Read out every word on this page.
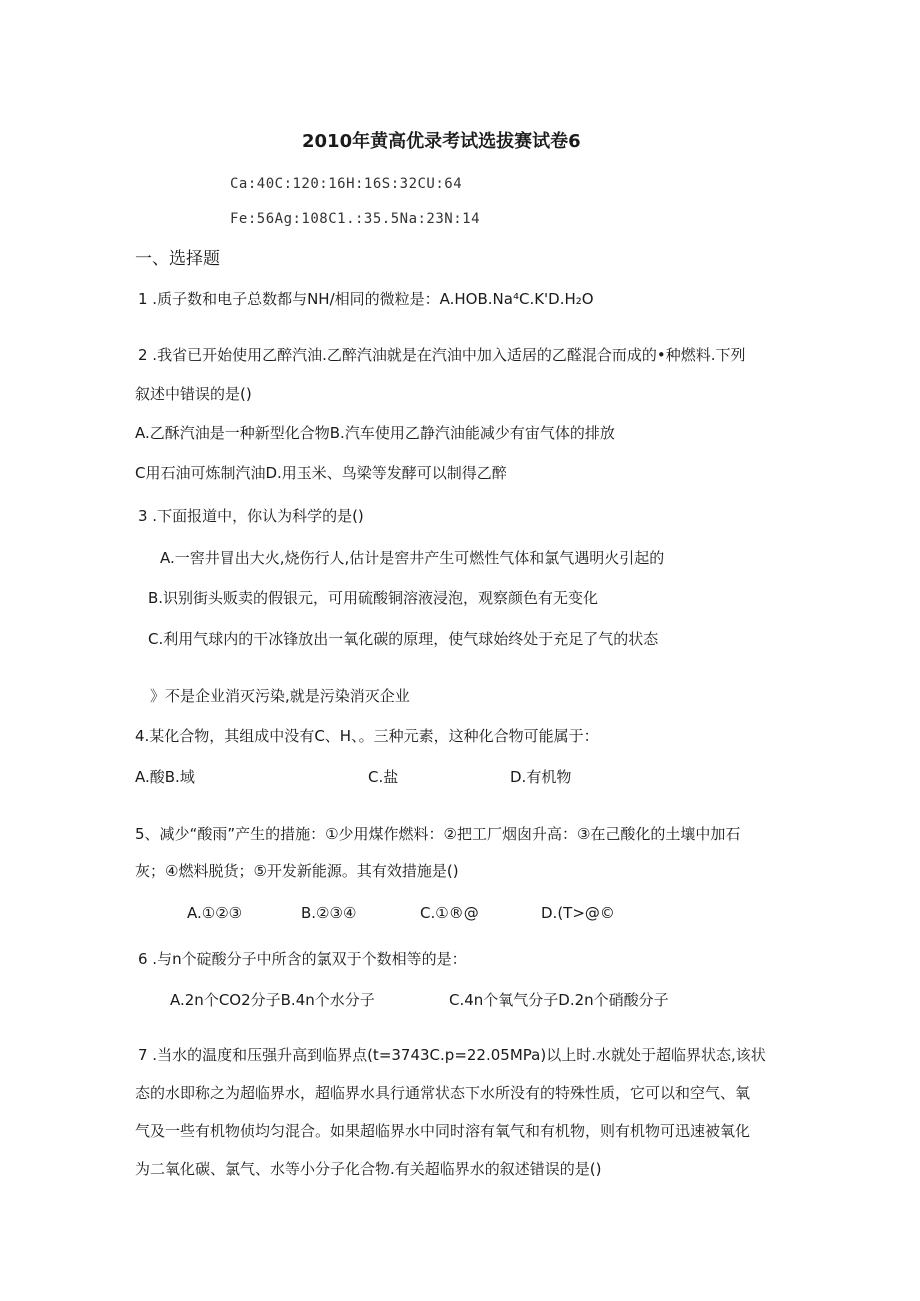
2010年黄高优录考试选拔赛试卷6
Ca:40C:120:16H:16S:32CU:64
Fe:56Ag:108C1.:35.5Na:23N:14
一、选择题
1 .质子数和电子总数都与NH/相同的微粒是：A.HOB.Na⁴C.K'D.H₂O
2 .我省已开始使用乙醉汽油.乙醉汽油就是在汽油中加入适居的乙醛混合而成的•种燃料.下列
叙述中错误的是()
A.乙酥汽油是一种新型化合物B.汽车使用乙静汽油能减少有宙气体的排放
C用石油可炼制汽油D.用玉米、鸟梁等发酵可以制得乙醉
3 .下面报道中，你认为科学的是()
A.一窖井冒出大火,烧伤行人,估计是窖井产生可燃性气体和氯气遇明火引起的
B.识别街头贩卖的假银元，可用硫酸铜溶液浸泡，观察颜色有无变化
C.利用气球内的干冰锋放出一氧化碳的原理，使气球始终处于充足了气的状态
》不是企业消灭污染,就是污染消灭企业
4.某化合物，其组成中没有C、H、。三种元素，这种化合物可能属于：
A.酸B.域	C.盐	D.有机物
5、减少“酸雨”产生的措施：①少用煤作燃料：②把工厂烟囱升高：③在己酸化的土壤中加石
灰；④燃料脱货；⑤开发新能源。其有效措施是()
A.①②③	B.②③④	C.①®@	D.(T>@©
6 .与n个碇酸分子中所含的氯双于个数相等的是：
A.2n个CO2分子B.4n个水分子	C.4n个氧气分子D.2n个硝酸分子
7 .当水的温度和压强升高到临界点(t=3743C.p=22.05MPa)以上时.水就处于超临界状态,该状
态的水即称之为超临界水，超临界水具行通常状态下水所没有的特殊性质，它可以和空气、氧
气及一些有机物侦均匀混合。如果超临界水中同时溶有氧气和有机物，则有机物可迅速被氧化
为二氧化碳、氯气、水等小分子化合物.有关超临界水的叙述错误的是()
